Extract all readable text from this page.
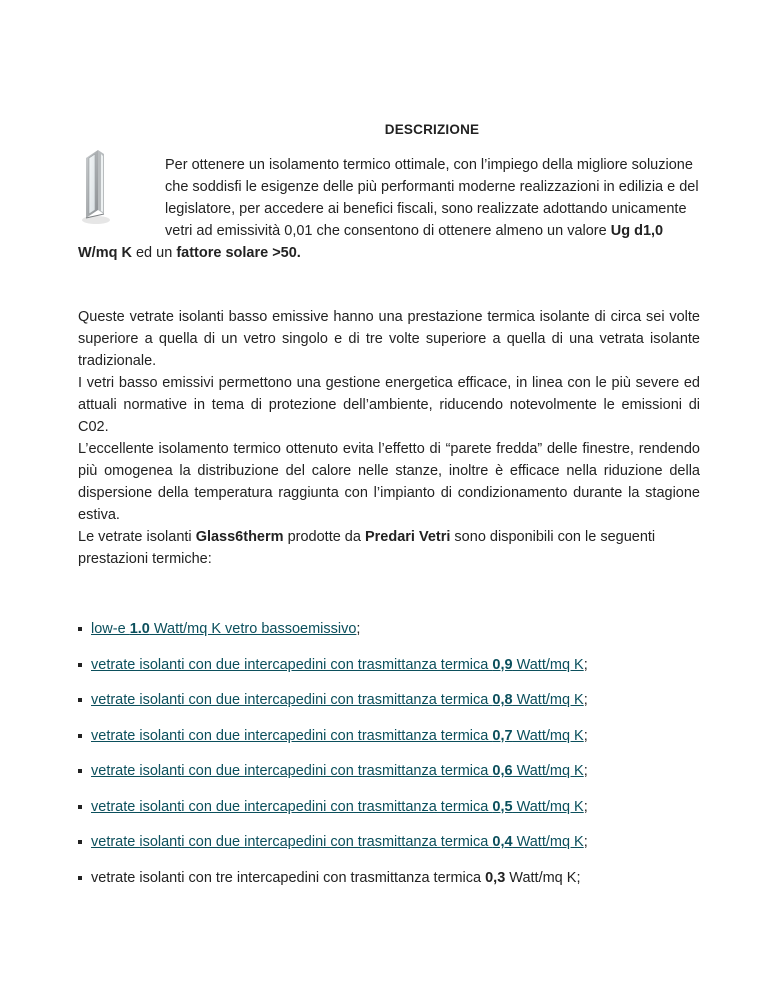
DESCRIZIONE
Per ottenere un isolamento termico ottimale, con l’impiego della migliore soluzione che soddisfi le esigenze delle più performanti moderne realizzazioni in edilizia e del legislatore, per accedere ai benefici fiscali, sono realizzate adottando unicamente vetri ad emissività 0,01 che consentono di ottenere almeno un valore Ug d1,0 W/mq K ed un fattore solare >50.
Queste vetrate isolanti basso emissive hanno una prestazione termica isolante di circa sei volte superiore a quella di un vetro singolo e di tre volte superiore a quella di una vetrata isolante tradizionale.
I vetri basso emissivi permettono una gestione energetica efficace, in linea con le più severe ed attuali normative in tema di protezione dell’ambiente, riducendo notevolmente le emissioni di C02.
L’eccellente isolamento termico ottenuto evita l’effetto di “parete fredda” delle finestre, rendendo più omogenea la distribuzione del calore nelle stanze, inoltre è efficace nella riduzione della dispersione della temperatura raggiunta con l’impianto di condizionamento durante la stagione estiva.
Le vetrate isolanti Glass6therm prodotte da Predari Vetri sono disponibili con le seguenti prestazioni termiche:
low-e 1.0 Watt/mq K vetro bassoemissivo;
vetrate isolanti con due intercapedini con trasmittanza termica 0,9 Watt/mq K;
vetrate isolanti con due intercapedini con trasmittanza termica 0,8 Watt/mq K;
vetrate isolanti con due intercapedini con trasmittanza termica 0,7 Watt/mq K;
vetrate isolanti con due intercapedini con trasmittanza termica 0,6 Watt/mq K;
vetrate isolanti con due intercapedini con trasmittanza termica 0,5 Watt/mq K;
vetrate isolanti con due intercapedini con trasmittanza termica 0,4 Watt/mq K;
vetrate isolanti con tre intercapedini con trasmittanza termica 0,3 Watt/mq K;
